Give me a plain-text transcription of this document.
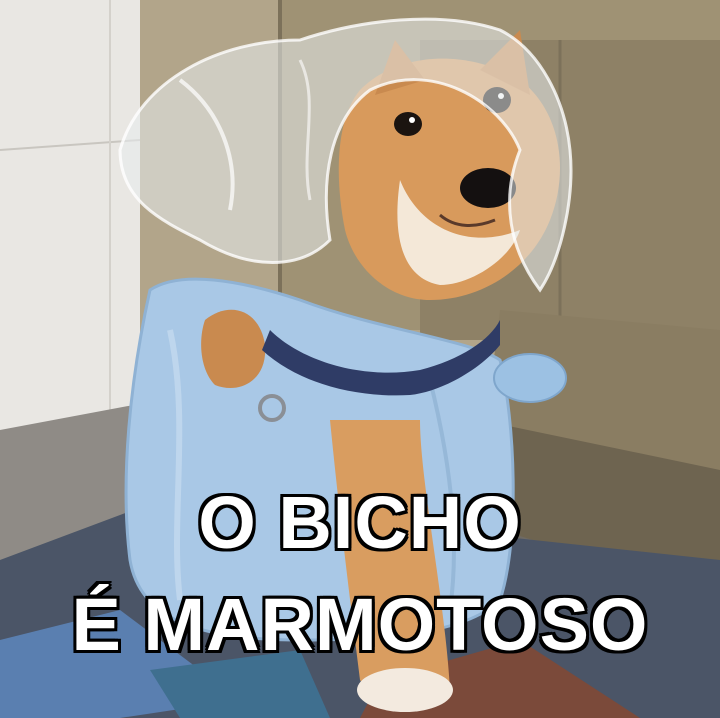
O BICHO
É MARMOTOSO
